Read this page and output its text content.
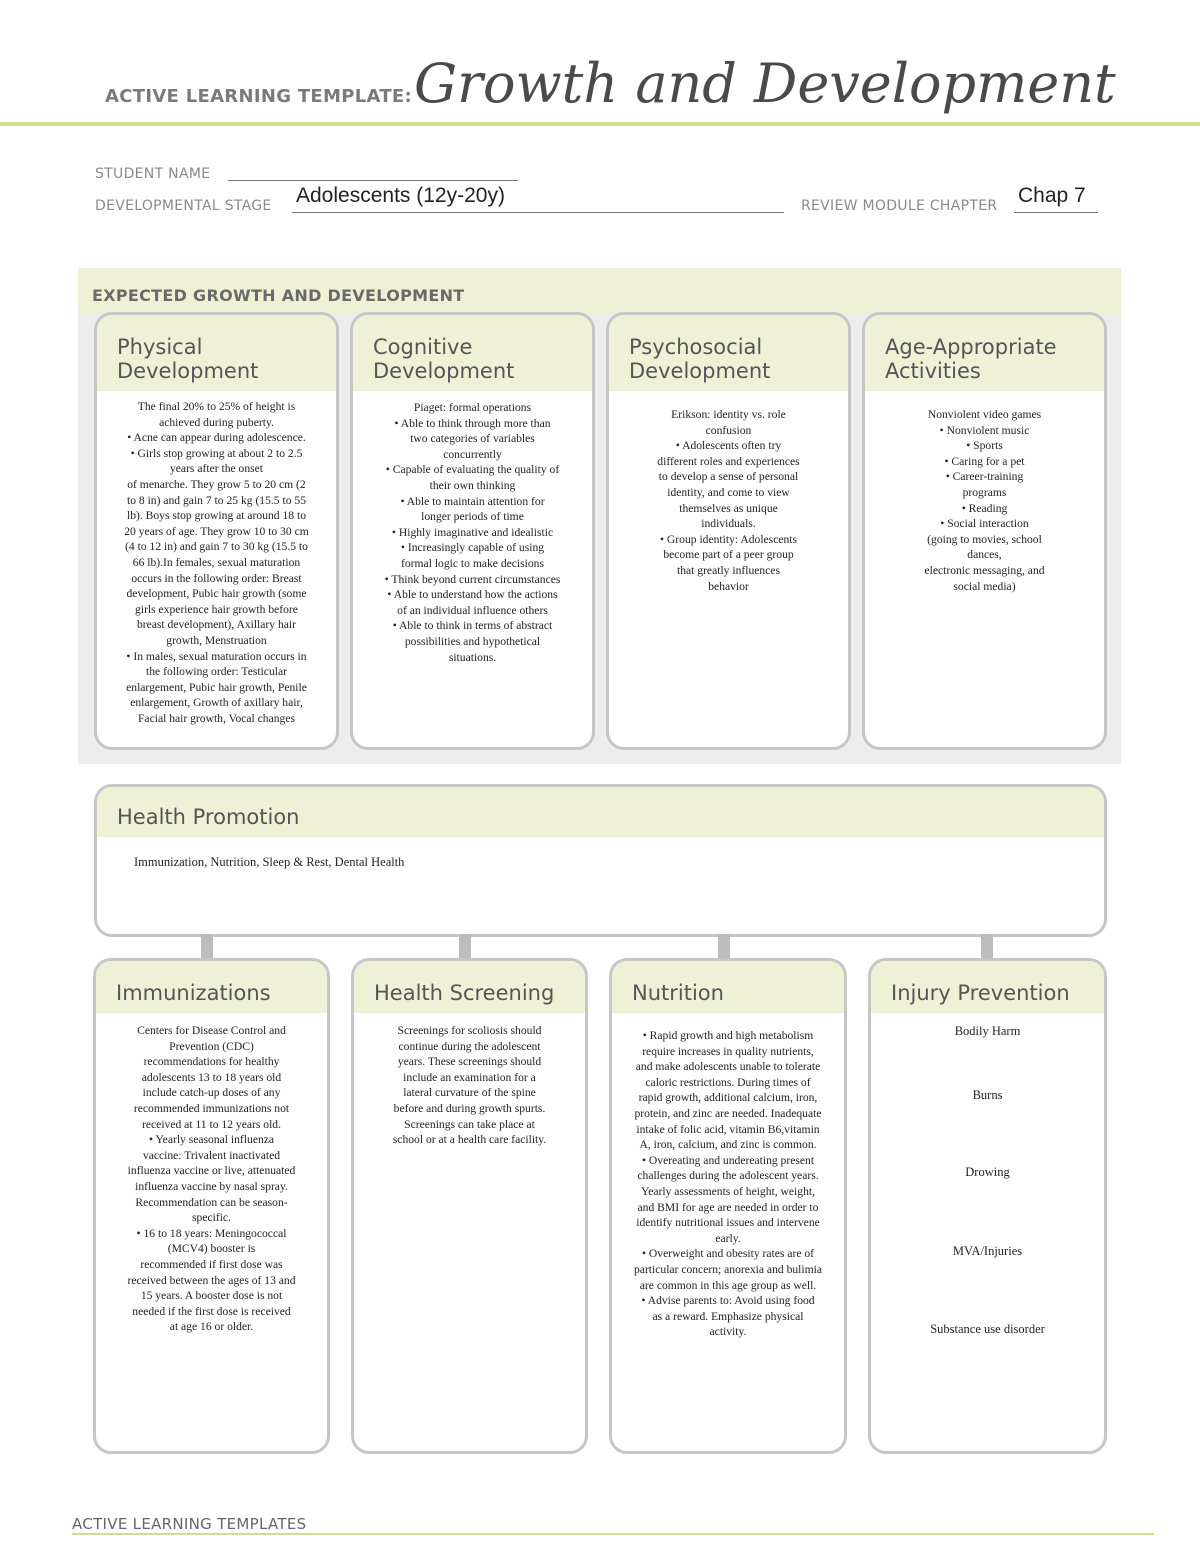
ACTIVE LEARNING TEMPLATE: Growth and Development
STUDENT NAME
DEVELOPMENTAL STAGE Adolescents (12y-20y)	REVIEW MODULE CHAPTER Chap 7
EXPECTED GROWTH AND DEVELOPMENT
Physical
Development
The final 20% to 25% of height is
achieved during puberty.
• Acne can appear during adolescence.
• Girls stop growing at about 2 to 2.5
years after the onset
of menarche. They grow 5 to 20 cm (2
to 8 in) and gain 7 to 25 kg (15.5 to 55
lb). Boys stop growing at around 18 to
20 years of age. They grow 10 to 30 cm
(4 to 12 in) and gain 7 to 30 kg (15.5 to
66 lb).In females, sexual maturation
occurs in the following order: Breast
development, Pubic hair growth (some
girls experience hair growth before
breast development), Axillary hair
growth, Menstruation
• In males, sexual maturation occurs in
the following order: Testicular
enlargement, Pubic hair growth, Penile
enlargement, Growth of axillary hair,
Facial hair growth, Vocal changes
Cognitive
Development
Piaget: formal operations
• Able to think through more than
two categories of variables
concurrently
• Capable of evaluating the quality of
their own thinking
• Able to maintain attention for
longer periods of time
• Highly imaginative and idealistic
• Increasingly capable of using
formal logic to make decisions
• Think beyond current circumstances
• Able to understand how the actions
of an individual influence others
• Able to think in terms of abstract
possibilities and hypothetical
situations.
Psychosocial
Development
Erikson: identity vs. role
confusion
• Adolescents often try
different roles and experiences
to develop a sense of personal
identity, and come to view
themselves as unique
individuals.
• Group identity: Adolescents
become part of a peer group
that greatly influences
behavior
Age-Appropriate
Activities
Nonviolent video games
• Nonviolent music
• Sports
• Caring for a pet
• Career-training
programs
• Reading
• Social interaction
(going to movies, school
dances,
electronic messaging, and
social media)
Health Promotion
Immunization, Nutrition, Sleep & Rest, Dental Health
Immunizations
Centers for Disease Control and
Prevention (CDC)
recommendations for healthy
adolescents 13 to 18 years old
include catch-up doses of any
recommended immunizations not
received at 11 to 12 years old.
• Yearly seasonal influenza
vaccine: Trivalent inactivated
influenza vaccine or live, attenuated
influenza vaccine by nasal spray.
Recommendation can be season-
specific.
• 16 to 18 years: Meningococcal
(MCV4) booster is
recommended if first dose was
received between the ages of 13 and
15 years. A booster dose is not
needed if the first dose is received
at age 16 or older.
Health Screening
Screenings for scoliosis should
continue during the adolescent
years. These screenings should
include an examination for a
lateral curvature of the spine
before and during growth spurts.
Screenings can take place at
school or at a health care facility.
Nutrition
• Rapid growth and high metabolism
require increases in quality nutrients,
and make adolescents unable to tolerate
caloric restrictions. During times of
rapid growth, additional calcium, iron,
protein, and zinc are needed. Inadequate
intake of folic acid, vitamin B6,vitamin
A, iron, calcium, and zinc is common.
• Overeating and undereating present
challenges during the adolescent years.
Yearly assessments of height, weight,
and BMI for age are needed in order to
identify nutritional issues and intervene
early.
• Overweight and obesity rates are of
particular concern; anorexia and bulimia
are common in this age group as well.
• Advise parents to: Avoid using food
as a reward. Emphasize physical
activity.
Injury Prevention
Bodily Harm
Burns
Drowing
MVA/Injuries
Substance use disorder
ACTIVE LEARNING TEMPLATES
